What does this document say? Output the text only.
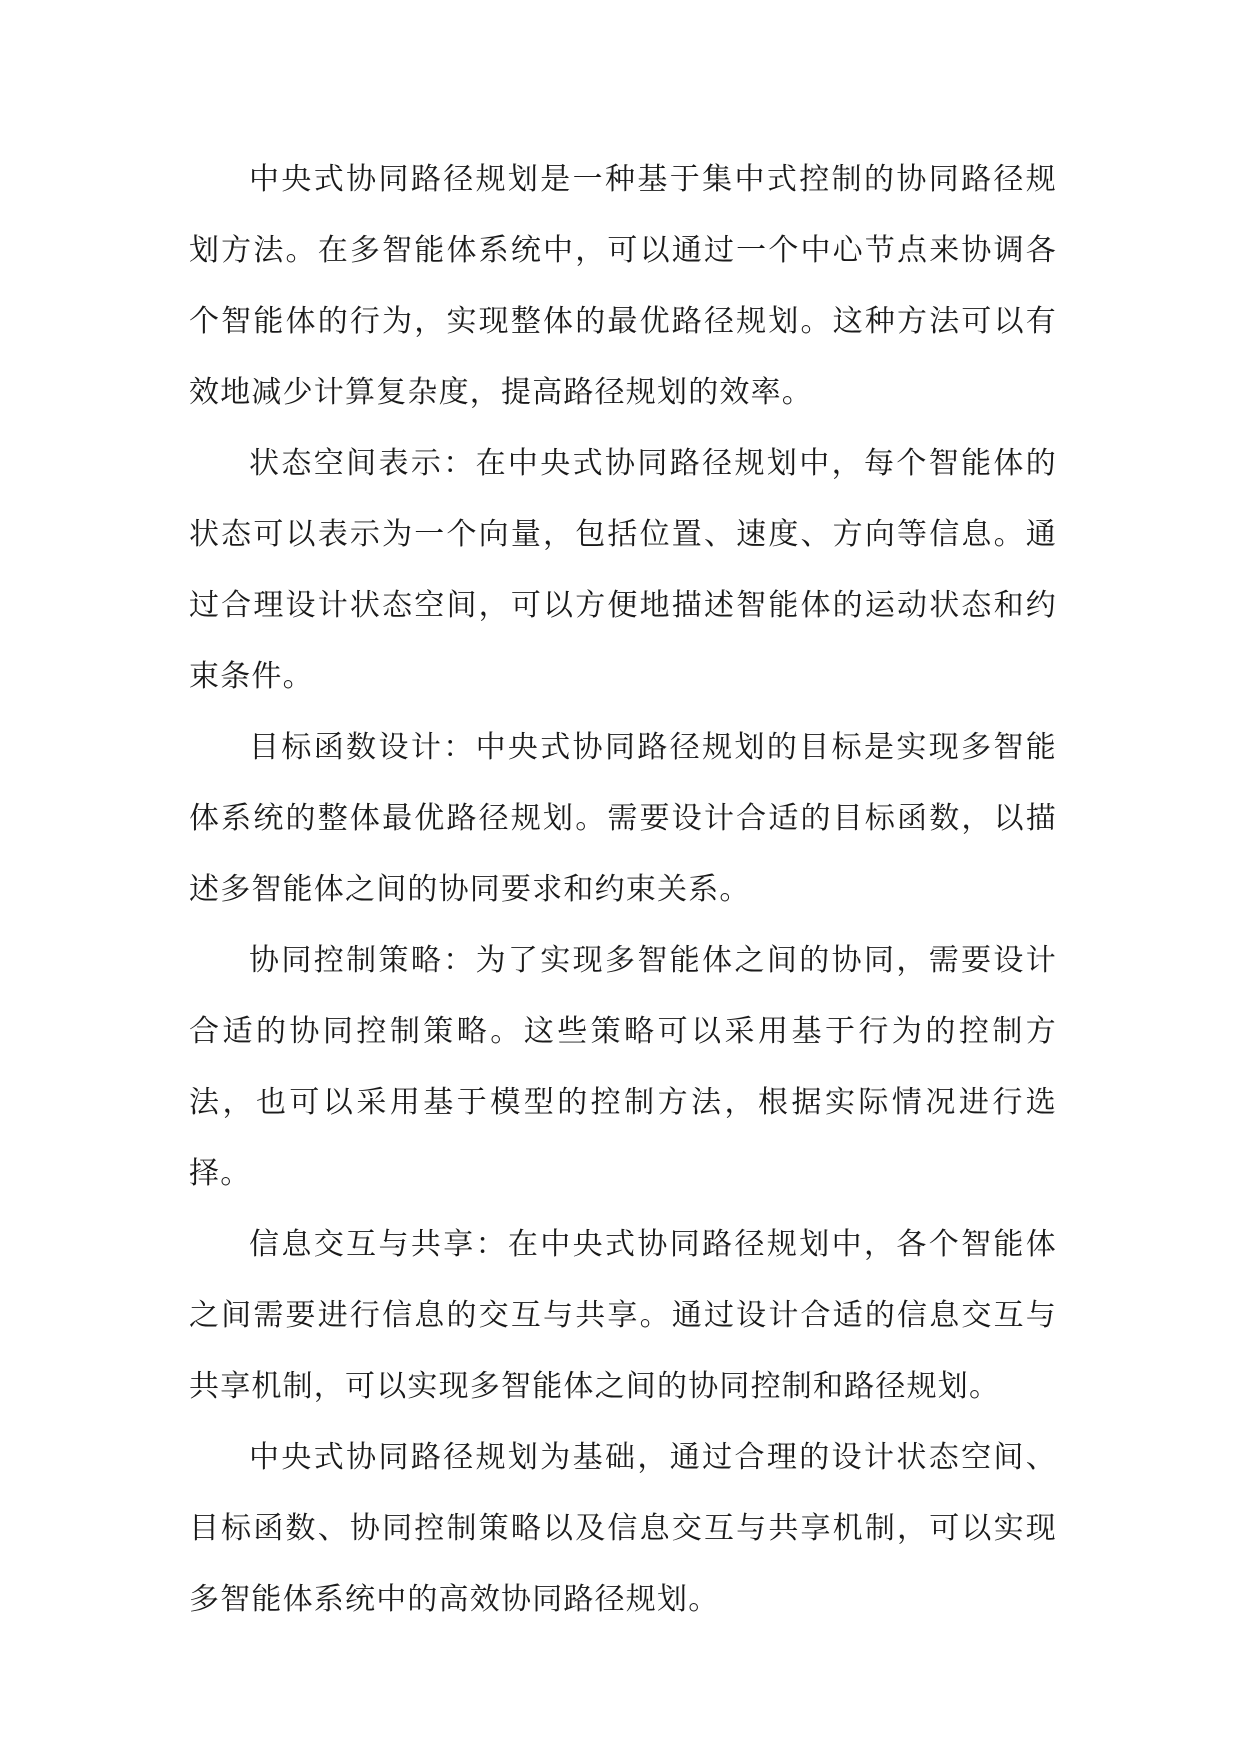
中央式协同路径规划是一种基于集中式控制的协同路径规划方法。在多智能体系统中，可以通过一个中心节点来协调各个智能体的行为，实现整体的最优路径规划。这种方法可以有效地减少计算复杂度，提高路径规划的效率。

状态空间表示：在中央式协同路径规划中，每个智能体的状态可以表示为一个向量，包括位置、速度、方向等信息。通过合理设计状态空间，可以方便地描述智能体的运动状态和约束条件。

目标函数设计：中央式协同路径规划的目标是实现多智能体系统的整体最优路径规划。需要设计合适的目标函数，以描述多智能体之间的协同要求和约束关系。

协同控制策略：为了实现多智能体之间的协同，需要设计合适的协同控制策略。这些策略可以采用基于行为的控制方法，也可以采用基于模型的控制方法，根据实际情况进行选择。

信息交互与共享：在中央式协同路径规划中，各个智能体之间需要进行信息的交互与共享。通过设计合适的信息交互与共享机制，可以实现多智能体之间的协同控制和路径规划。

中央式协同路径规划为基础，通过合理的设计状态空间、目标函数、协同控制策略以及信息交互与共享机制，可以实现多智能体系统中的高效协同路径规划。
